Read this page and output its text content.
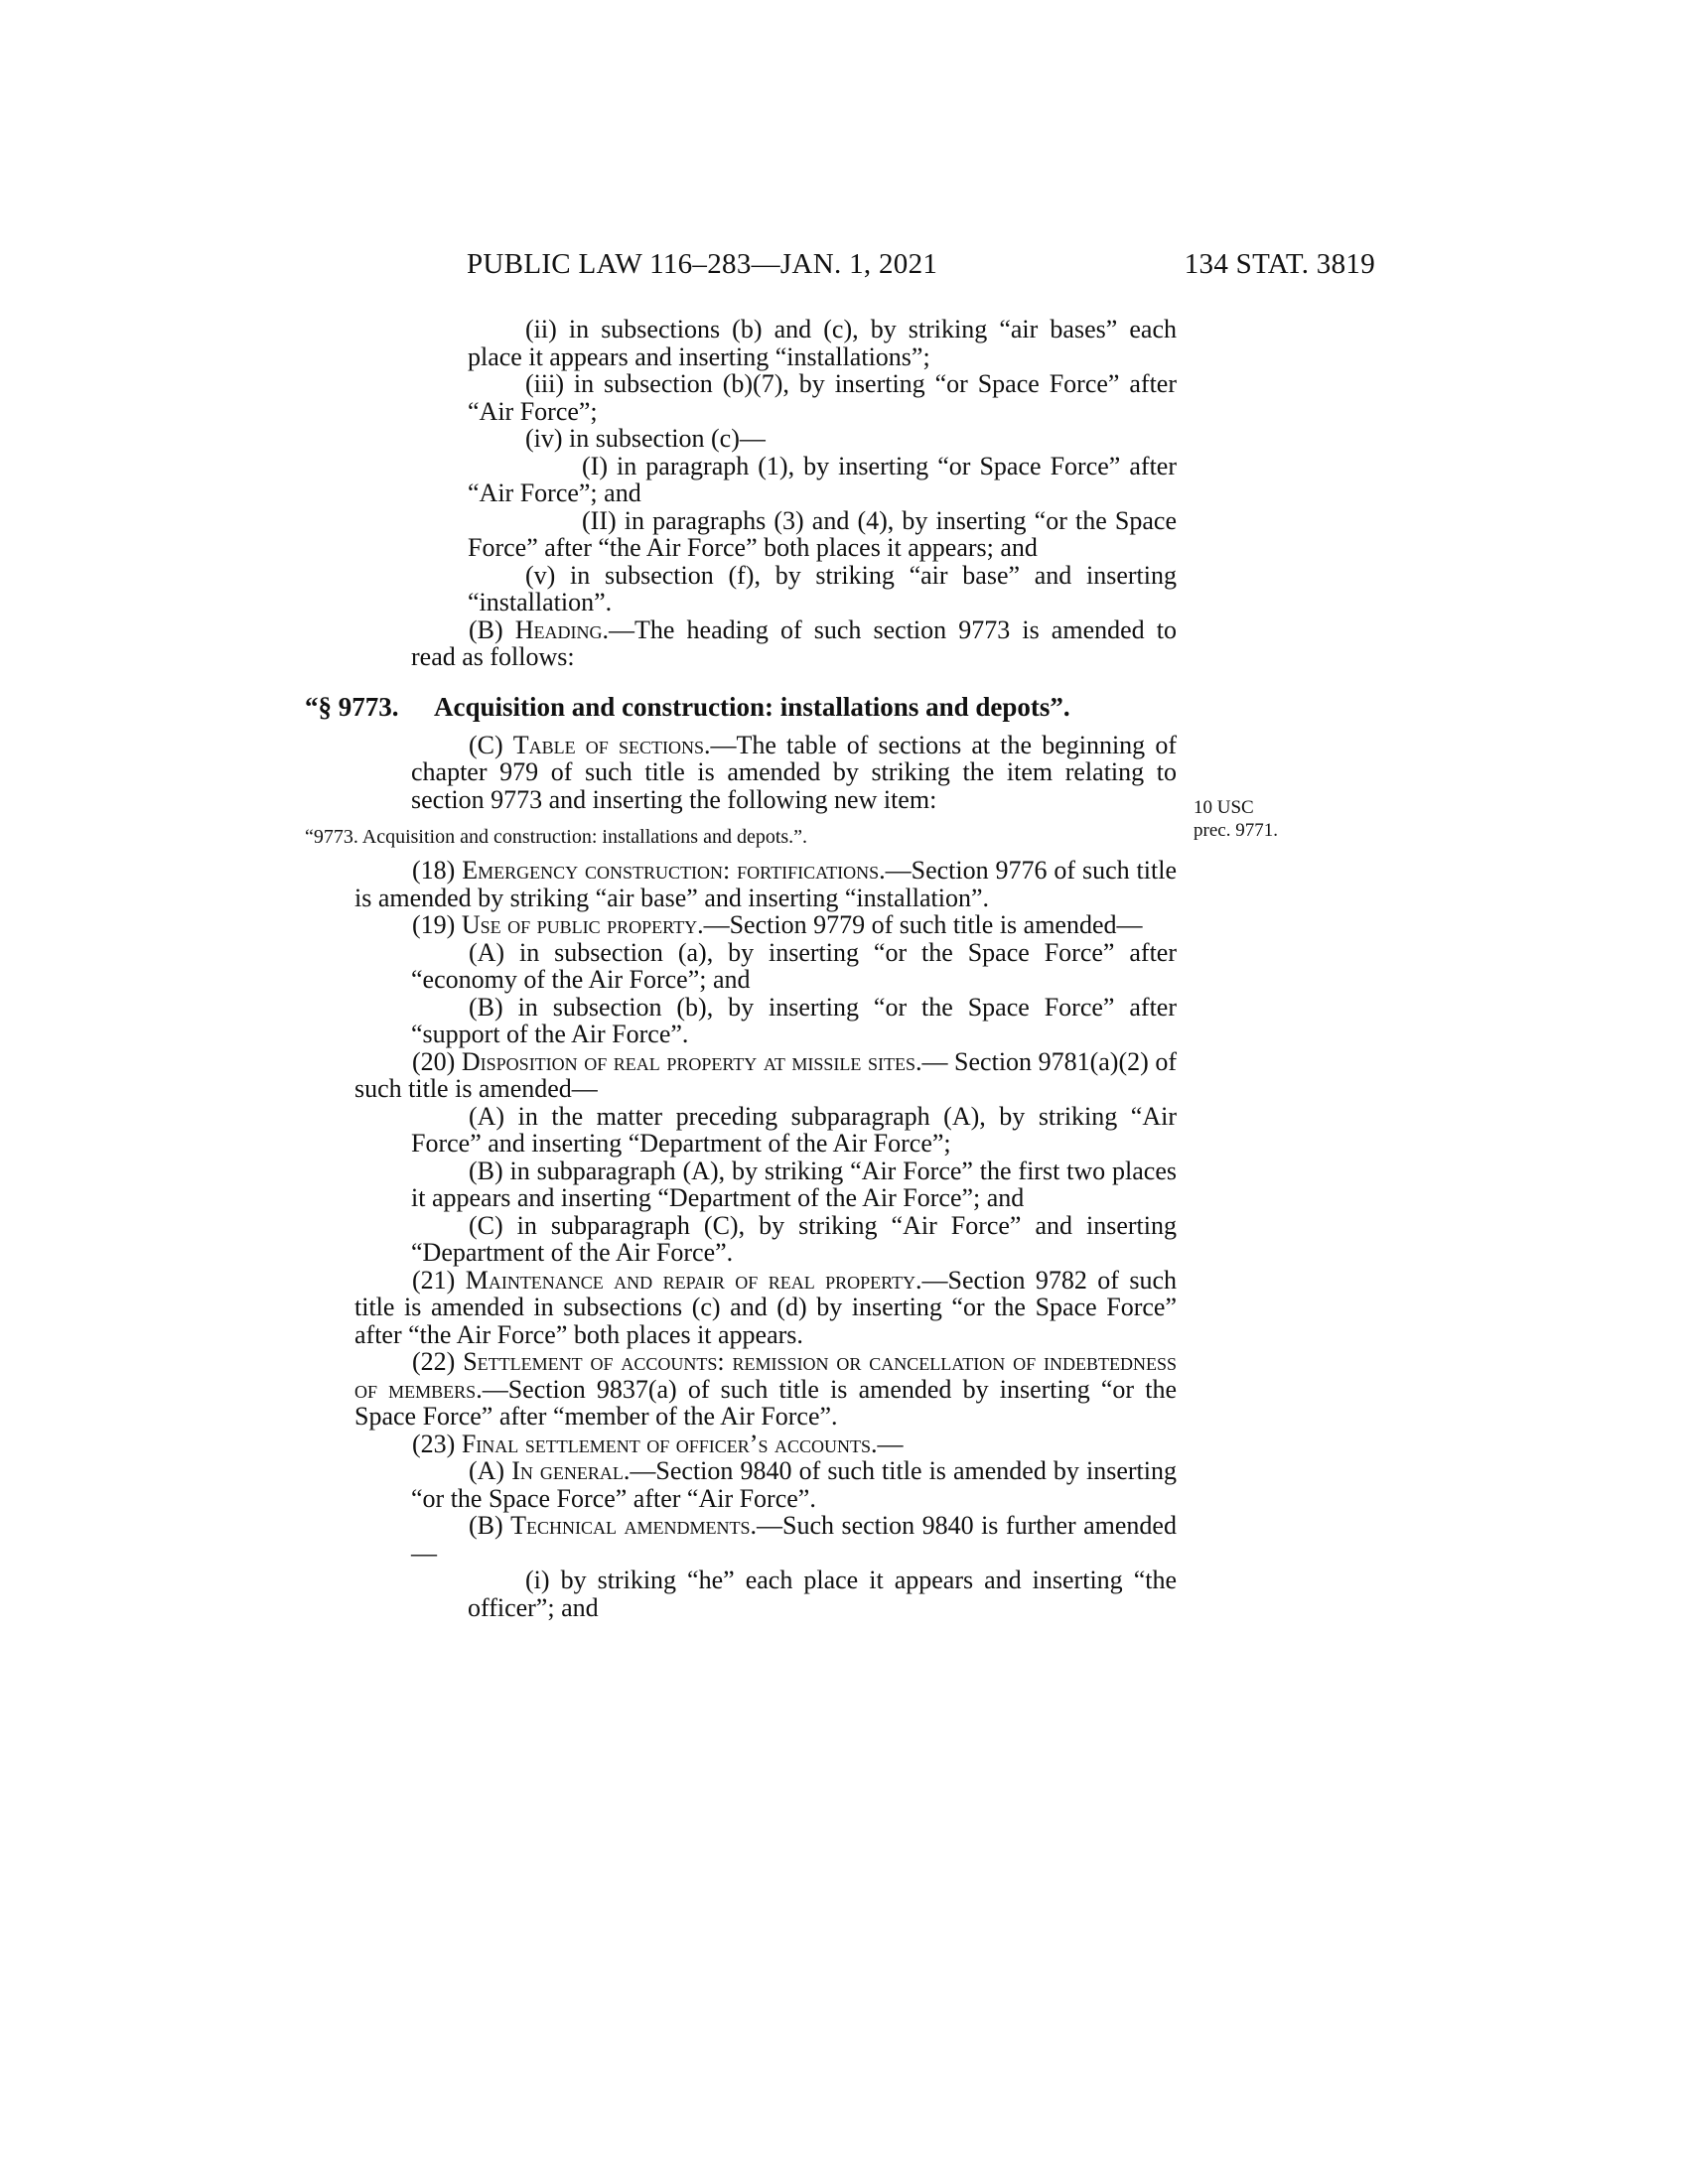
PUBLIC LAW 116–283—JAN. 1, 2021	134 STAT. 3819
10 USC
prec. 9771.

(ii) in subsections (b) and (c), by striking “air bases” each place it appears and inserting “installations”;

(iii) in subsection (b)(7), by inserting “or Space Force” after “Air Force”;

(iv) in subsection (c)—

(I) in paragraph (1), by inserting “or Space Force” after “Air Force”; and

(II) in paragraphs (3) and (4), by inserting “or the Space Force” after “the Air Force” both places it appears; and

(v) in subsection (f), by striking “air base” and inserting “installation”.

(B) Heading.—The heading of such section 9773 is amended to read as follows:

“§ 9773.	Acquisition and construction: installations and depots”.

(C) Table of sections.—The table of sections at the beginning of chapter 979 of such title is amended by striking the item relating to section 9773 and inserting the following new item:

“9773. Acquisition and construction: installations and depots.”.

(18) Emergency construction: fortifications.—Section 9776 of such title is amended by striking “air base” and inserting “installation”.

(19) Use of public property.—Section 9779 of such title is amended—

(A) in subsection (a), by inserting “or the Space Force” after “economy of the Air Force”; and

(B) in subsection (b), by inserting “or the Space Force” after “support of the Air Force”.

(20) Disposition of real property at missile sites.— Section 9781(a)(2) of such title is amended—

(A) in the matter preceding subparagraph (A), by striking “Air Force” and inserting “Department of the Air Force”;

(B) in subparagraph (A), by striking “Air Force” the first two places it appears and inserting “Department of the Air Force”; and

(C) in subparagraph (C), by striking “Air Force” and inserting “Department of the Air Force”.

(21) Maintenance and repair of real property.—Section 9782 of such title is amended in subsections (c) and (d) by inserting “or the Space Force” after “the Air Force” both places it appears.

(22) Settlement of accounts: remission or cancellation of indebtedness of members.—Section 9837(a) of such title is amended by inserting “or the Space Force” after “member of the Air Force”.

(23) Final settlement of officer’s accounts.—

(A) In general.—Section 9840 of such title is amended by inserting “or the Space Force” after “Air Force”.

(B) Technical amendments.—Such section 9840 is further amended—

(i) by striking “he” each place it appears and inserting “the officer”; and
